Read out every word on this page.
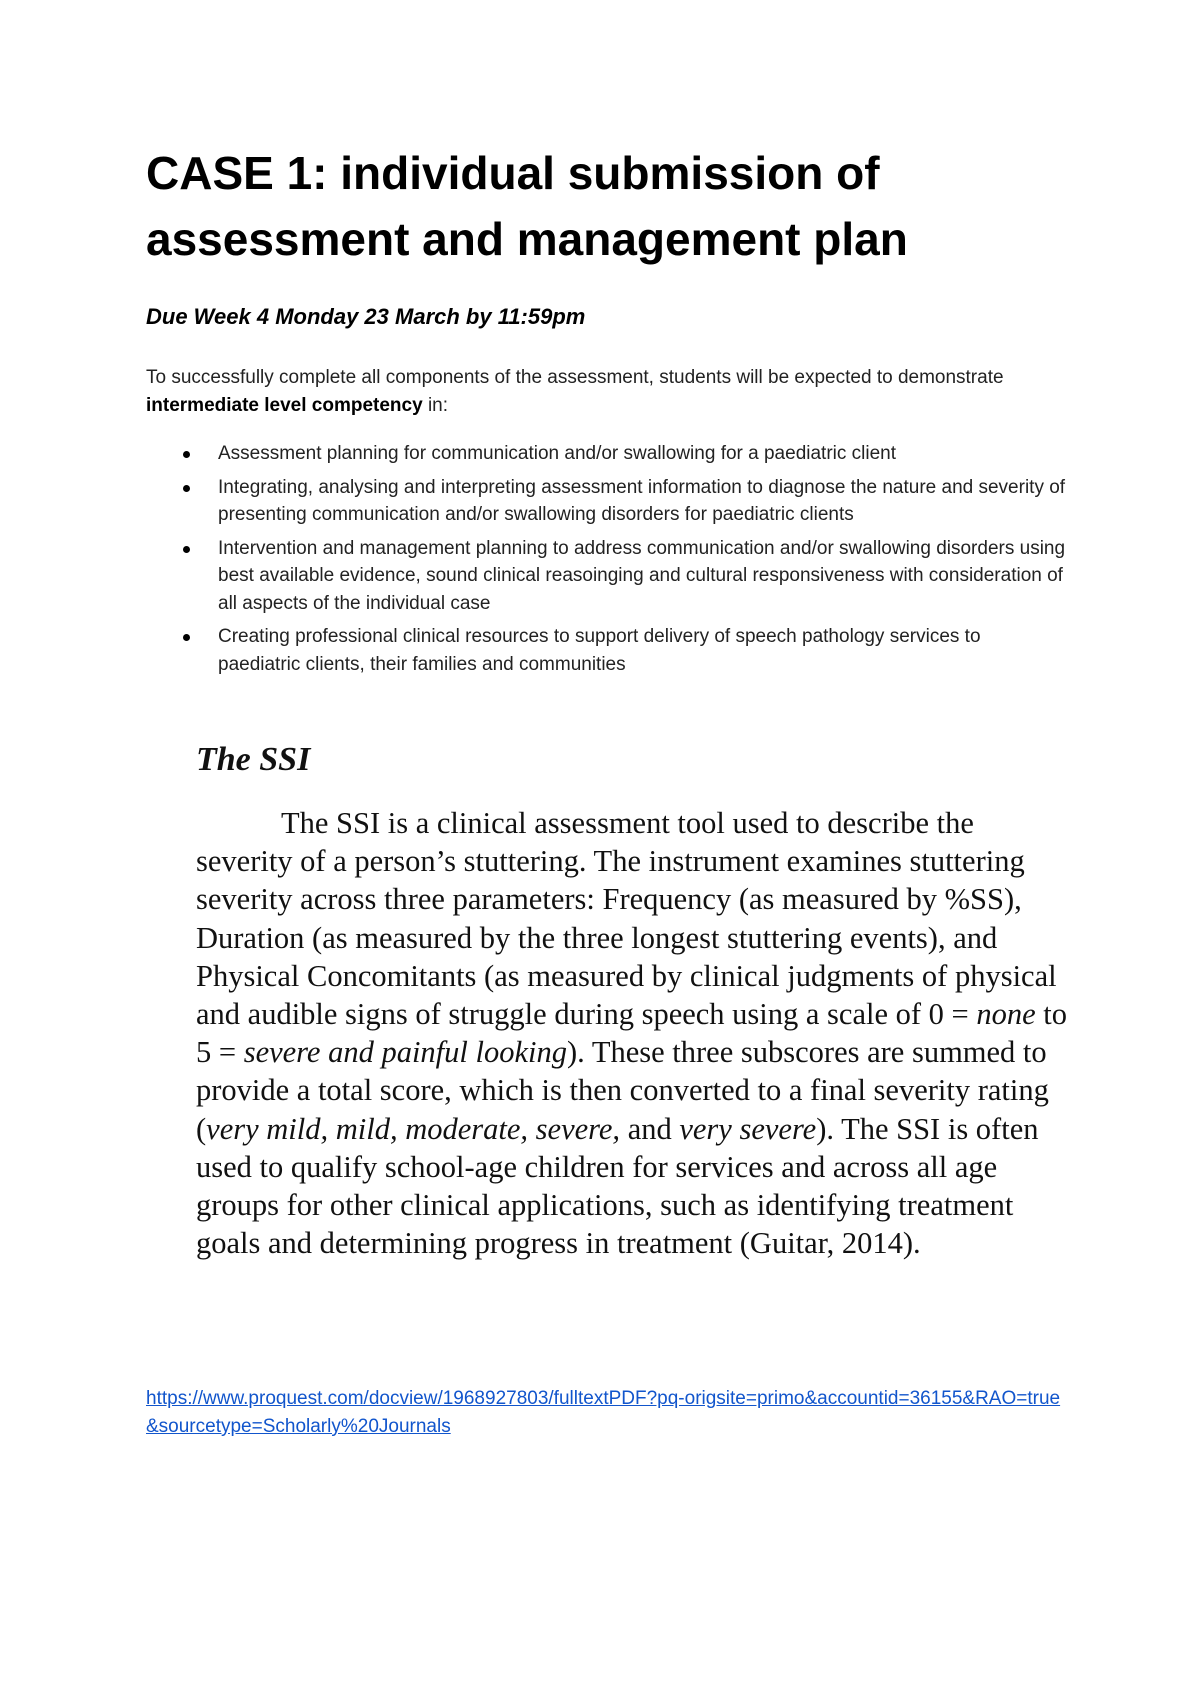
CASE 1: individual submission of assessment and management plan

Due Week 4 Monday 23 March by 11:59pm

To successfully complete all components of the assessment, students will be expected to demonstrate intermediate level competency in:

Assessment planning for communication and/or swallowing for a paediatric client
Integrating, analysing and interpreting assessment information to diagnose the nature and severity of presenting communication and/or swallowing disorders for paediatric clients
Intervention and management planning to address communication and/or swallowing disorders using best available evidence, sound clinical reasoinging and cultural responsiveness with consideration of all aspects of the individual case
Creating professional clinical resources to support delivery of speech pathology services to paediatric clients, their families and communities
The SSI

The SSI is a clinical assessment tool used to describe the severity of a person’s stuttering. The instrument examines stuttering severity across three parameters: Frequency (as measured by %SS), Duration (as measured by the three longest stuttering events), and Physical Concomitants (as measured by clinical judgments of physical and audible signs of struggle during speech using a scale of 0 = none to 5 = severe and painful looking). These three subscores are summed to provide a total score, which is then converted to a final severity rating (very mild, mild, moderate, severe, and very severe). The SSI is often used to qualify school-age children for services and across all age groups for other clinical applications, such as identifying treatment goals and determining progress in treatment (Guitar, 2014).

https://www.proquest.com/docview/1968927803/fulltextPDF?pq-origsite=primo&accountid=36155&RAO=true&sourcetype=Scholarly%20Journals
